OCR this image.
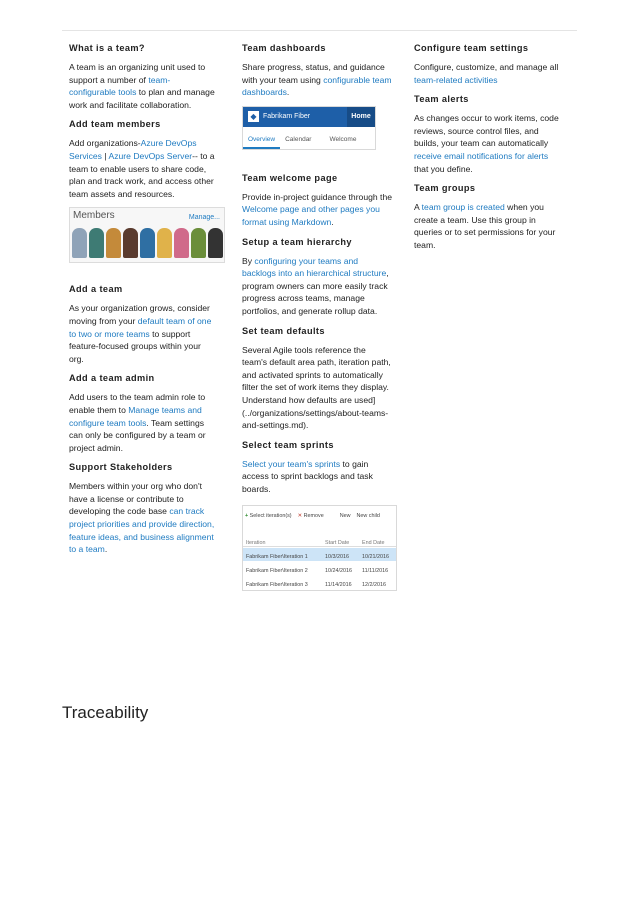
What is a team?

A team is an organizing unit used to support a number of team-configurable tools to plan and manage work and facilitate collaboration.

Add team members

Add organizations-Azure DevOps Services | Azure DevOps Server-- to a team to enable users to share code, plan and track work, and access other team assets and resources.

Members	Manage...
Add a team

As your organization grows, consider moving from your default team of one to two or more teams to support feature-focused groups within your org.

Add a team admin

Add users to the team admin role to enable them to Manage teams and configure team tools. Team settings can only be configured by a team or project admin.

Support Stakeholders

Members within your org who don't have a license or contribute to developing the code base can track project priorities and provide direction, feature ideas, and business alignment to a team.

Team dashboards

Share progress, status, and guidance with your team using configurable team dashboards.

◆ Fabrikam Fiber	Home
Overview	Calendar	Welcome
Team welcome page

Provide in-project guidance through the Welcome page and other pages you format using Markdown.

Setup a team hierarchy

By configuring your teams and backlogs into an hierarchical structure, program owners can more easily track progress across teams, manage portfolios, and generate rollup data.

Set team defaults

Several Agile tools reference the team's default area path, iteration path, and activated sprints to automatically filter the set of work items they display. Understand how defaults are used](../organizations/settings/about-teams-and-settings.md).

Select team sprints

Select your team's sprints to gain access to sprint backlogs and task boards.

+ Select iteration(s) ✕ Remove	New New child
Iteration	Start Date End Date
Fabrikam Fiber\Iteration 1	10/3/2016 10/21/2016
Fabrikam Fiber\Iteration 2	10/24/2016 11/11/2016
Fabrikam Fiber\Iteration 3	11/14/2016 12/2/2016
Configure team settings

Configure, customize, and manage all team-related activities

Team alerts

As changes occur to work items, code reviews, source control files, and builds, your team can automatically receive email notifications for alerts that you define.

Team groups

A team group is created when you create a team. Use this group in queries or to set permissions for your team.

Traceability
